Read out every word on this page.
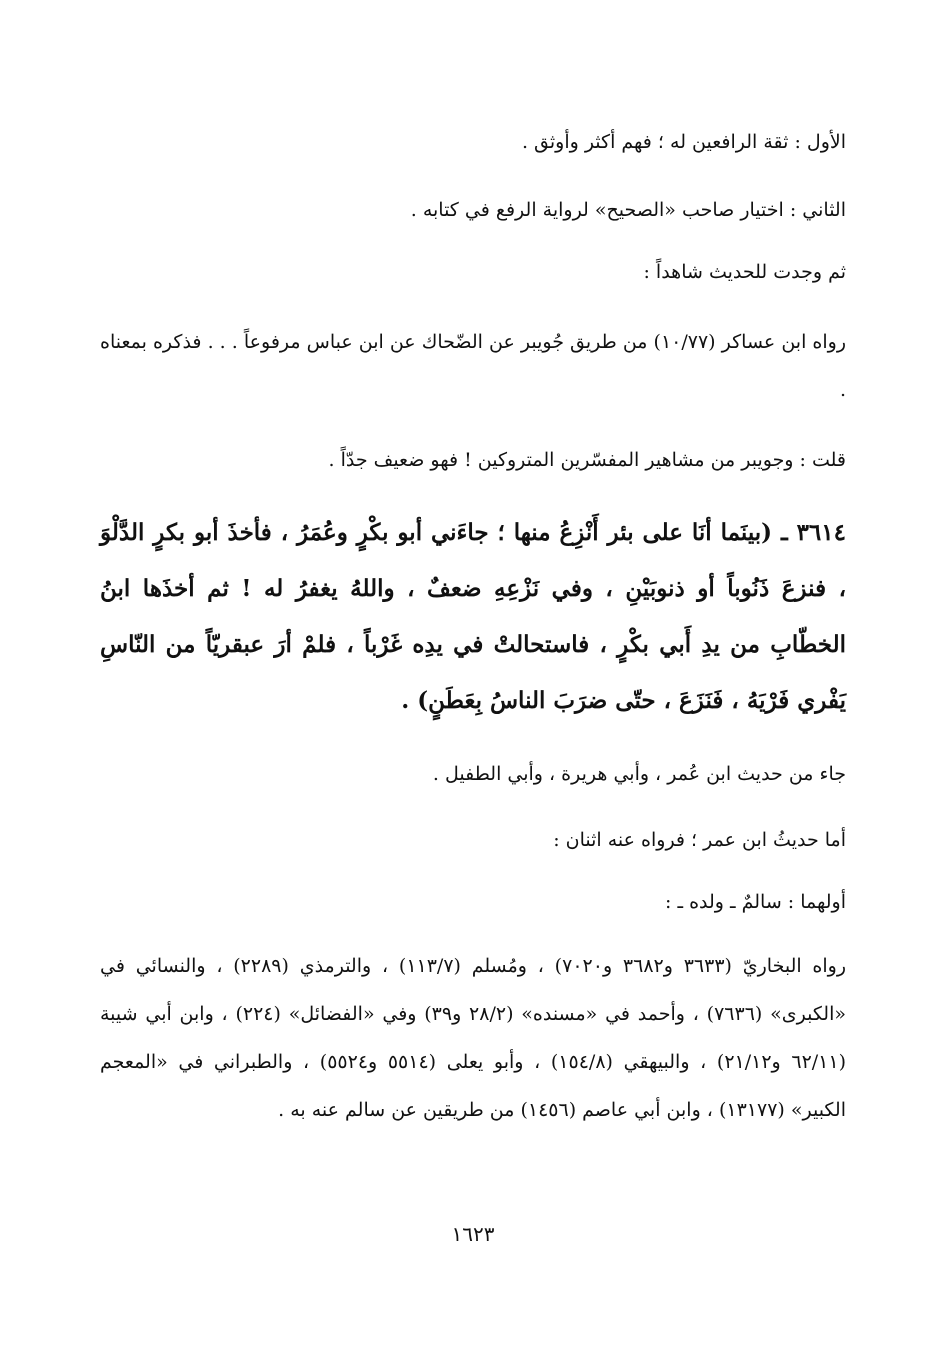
الأول : ثقة الرافعين له ؛ فهم أكثر وأوثق .
الثاني : اختيار صاحب «الصحيح» لرواية الرفع في كتابه .
ثم وجدت للحديث شاهداً :
رواه ابن عساكر (١٠/٧٧) من طريق جُويبر عن الضّحاك عن ابن عباس مرفوعاً . . . فذكره بمعناه .
قلت : وجويبر من مشاهير المفسّرين المتروكين ! فهو ضعيف جدّاً .
٣٦١٤ ـ (بينَما أنَا على بئر أَنْزِعُ منها ؛ جاءَني أبو بكْرٍ وعُمَرُ ، فأخذَ أبو بكرٍ الدَّلْوَ ، فنزعَ ذَنُوباً أو ذنوبَيْنِ ، وفي نَزْعِهِ ضعفٌ ، واللهُ يغفرُ له ! ثم أخذَها ابنُ الخطّابِ من يدِ أَبي بكْرٍ ، فاستحالتْ في يدِه غَرْباً ، فلمْ أرَ عبقريّاً من النّاسِ يَفْري فَرْيَهُ ، فَنَزَعَ ، حتّى ضرَبَ الناسُ بِعَطَنٍ) .
جاء من حديث ابن عُمر ، وأبي هريرة ، وأبي الطفيل .
أما حديثُ ابن عمر ؛ فرواه عنه اثنان :
أولهما : سالمٌ ـ ولده ـ :
رواه البخاريّ (٣٦٣٣ و٣٦٨٢ و٧٠٢٠) ، ومُسلم (١١٣/٧) ، والترمذي (٢٢٨٩) ، والنسائي في «الكبرى» (٧٦٣٦) ، وأحمد في «مسنده» (٢٨/٢ و٣٩) وفي «الفضائل» (٢٢٤) ، وابن أبي شيبة (٦٢/١١ و٢١/١٢) ، والبيهقي (١٥٤/٨) ، وأبو يعلى (٥٥١٤ و٥٥٢٤) ، والطبراني في «المعجم الكبير» (١٣١٧٧) ، وابن أبي عاصم (١٤٥٦) من طريقين عن سالم عنه به .
١٦٢٣
